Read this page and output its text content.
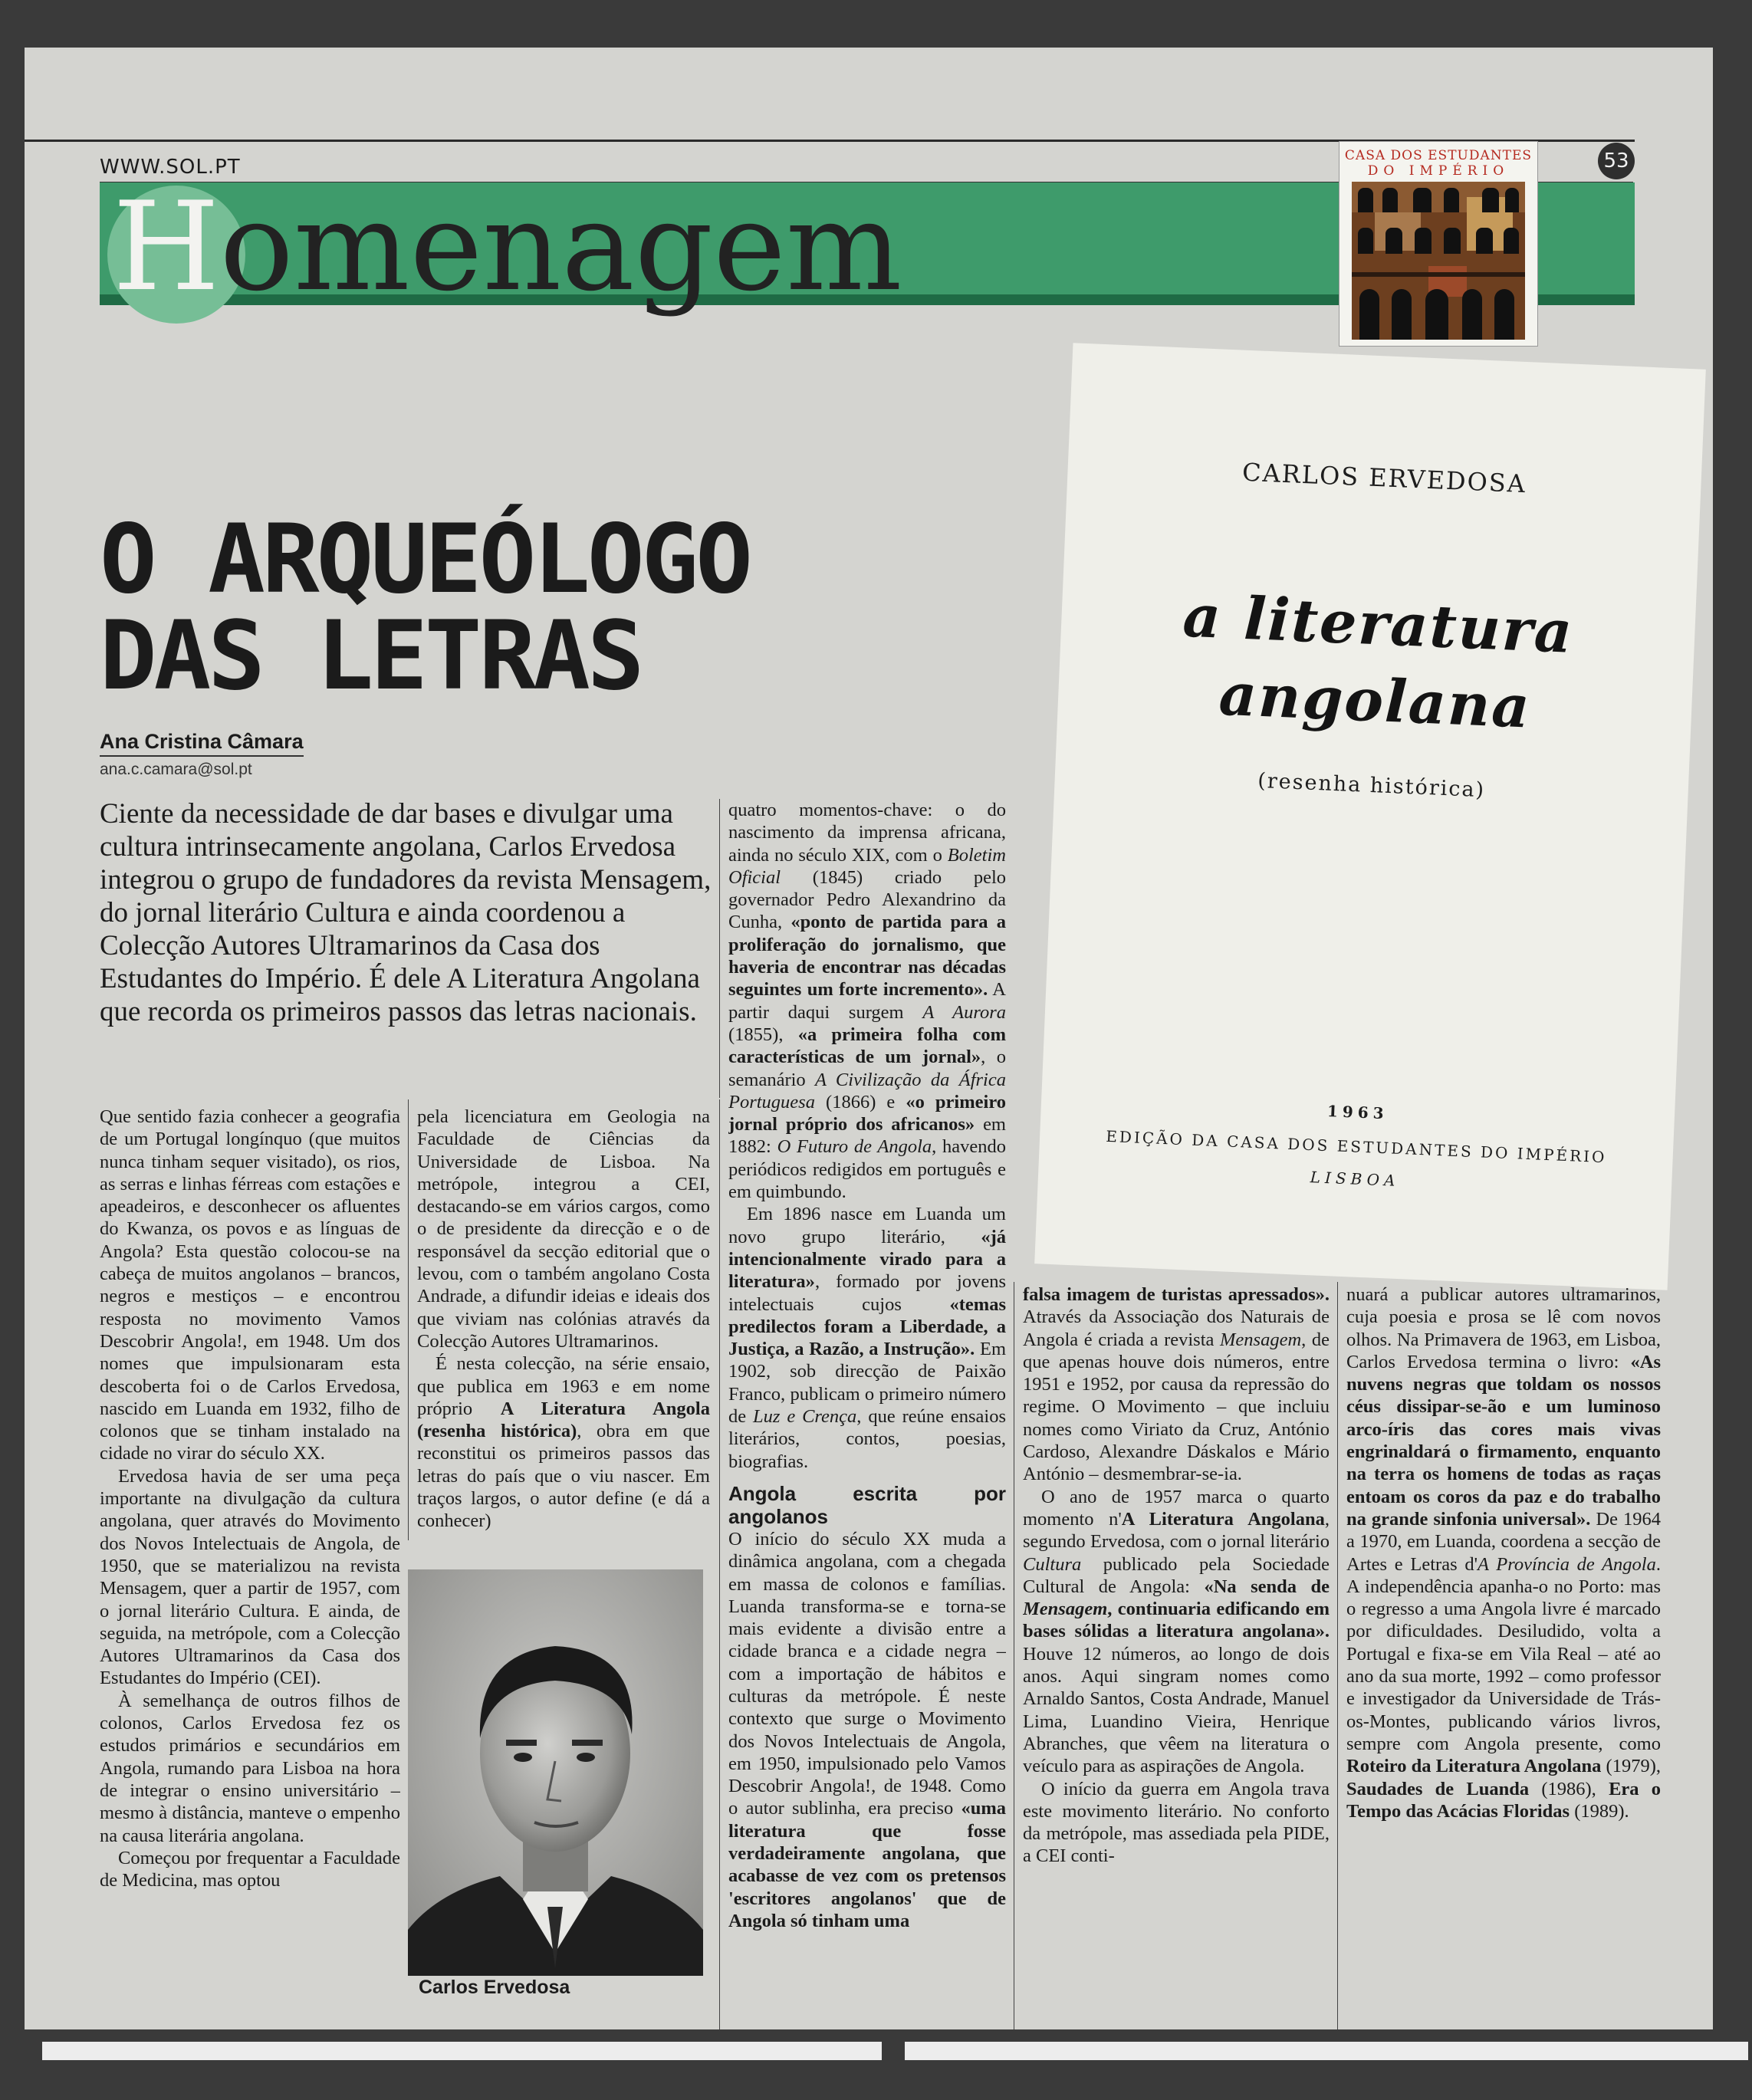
WWW.SOL.PT
Homenagem
53
CASA DOS ESTUDANTES
DO IMPÉRIO
CARLOS ERVEDOSA
a literatura
angolana
(resenha histórica)
1963
EDIÇÃO DA CASA DOS ESTUDANTES DO IMPÉRIO
LISBOA
O ARQUEÓLOGO
DAS LETRAS
Ana Cristina Câmara
ana.c.camara@sol.pt
Ciente da necessidade de dar bases e divulgar uma cultura intrinsecamente angolana, Carlos Ervedosa integrou o grupo de fundadores da revista Mensagem, do jornal literário Cultura e ainda coordenou a Colecção Autores Ultramarinos da Casa dos Estudantes do Império. É dele A Literatura Angolana que recorda os primeiros passos das letras nacionais.

Que sentido fazia conhecer a geografia de um Portugal longínquo (que muitos nunca tinham sequer visitado), os rios, as serras e linhas férreas com estações e apeadeiros, e desconhecer os afluentes do Kwanza, os povos e as línguas de Angola? Esta questão colocou-se na cabeça de muitos angolanos – brancos, negros e mestiços – e encontrou resposta no movimento Vamos Descobrir Angola!, em 1948. Um dos nomes que impulsionaram esta descoberta foi o de Carlos Ervedosa, nascido em Luanda em 1932, filho de colonos que se tinham instalado na cidade no virar do século XX.

Ervedosa havia de ser uma peça importante na divulgação da cultura angolana, quer através do Movimento dos Novos Intelectuais de Angola, de 1950, que se materializou na revista Mensagem, quer a partir de 1957, com o jornal literário Cultura. E ainda, de seguida, na metrópole, com a Colecção Autores Ultramarinos da Casa dos Estudantes do Império (CEI).

À semelhança de outros filhos de colonos, Carlos Ervedosa fez os estudos primários e secundários em Angola, rumando para Lisboa na hora de integrar o ensino universitário – mesmo à distância, manteve o empenho na causa literária angolana.

Começou por frequentar a Faculdade de Medicina, mas optou

pela licenciatura em Geologia na Faculdade de Ciências da Universidade de Lisboa. Na metrópole, integrou a CEI, destacando-se em vários cargos, como o de presidente da direcção e o de responsável da secção editorial que o levou, com o também angolano Costa Andrade, a difundir ideias e ideais dos que viviam nas colónias através da Colecção Autores Ultramarinos.

É nesta colecção, na série ensaio, que publica em 1963 e em nome próprio A Literatura Angola (resenha histórica), obra em que reconstitui os primeiros passos das letras do país que o viu nascer. Em traços largos, o autor define (e dá a conhecer)

Carlos Ervedosa

quatro momentos-chave: o do nascimento da imprensa africana, ainda no século XIX, com o Boletim Oficial (1845) criado pelo governador Pedro Alexandrino da Cunha, «ponto de partida para a proliferação do jornalismo, que haveria de encontrar nas décadas seguintes um forte incremento». A partir daqui surgem A Aurora (1855), «a primeira folha com características de um jornal», o semanário A Civilização da África Portuguesa (1866) e «o primeiro jornal próprio dos africanos» em 1882: O Futuro de Angola, havendo periódicos redigidos em português e em quimbundo.

Em 1896 nasce em Luanda um novo grupo literário, «já intencionalmente virado para a literatura», formado por jovens intelectuais cujos	«temas predilectos foram a Liberdade, a Justiça, a Razão, a Instrução». Em 1902, sob direcção de Paixão Franco, publicam o primeiro número de Luz e Crença, que reúne ensaios literários, contos, poesias, biografias.

Angola escrita por angolanos

O início do século XX muda a dinâmica angolana, com a chegada em massa de colonos e famílias. Luanda transforma-se e torna-se mais evidente a divisão entre a cidade branca e a cidade negra – com a importação de hábitos e culturas da metrópole. É neste contexto que surge o Movimento dos Novos Intelectuais de Angola, em 1950, impulsionado pelo Vamos Descobrir Angola!, de 1948. Como o autor sublinha, era preciso «uma literatura que fosse verdadeiramente angolana, que acabasse de vez com os pretensos 'escritores angolanos' que de Angola só tinham uma

falsa imagem de turistas apressados». Através da Associação dos Naturais de Angola é criada a revista Mensagem, de que apenas houve dois números, entre 1951 e 1952, por causa da repressão do regime. O Movimento – que incluiu nomes como Viriato da Cruz, António Cardoso, Alexandre Dáskalos e Mário António – desmembrar-se-ia.

O ano de 1957 marca o quarto momento n'A Literatura Angolana, segundo Ervedosa, com o jornal literário Cultura publicado pela Sociedade Cultural de Angola: «Na senda de Mensagem, continuaria edificando em bases sólidas a literatura angolana». Houve 12 números, ao longo de dois anos. Aqui singram nomes como Arnaldo Santos, Costa Andrade, Manuel Lima, Luandino Vieira, Henrique Abranches, que vêem na literatura o veículo para as aspirações de Angola.

O início da guerra em Angola trava este movimento literário. No conforto da metrópole, mas assediada pela PIDE, a CEI conti-

nuará a publicar autores ultramarinos, cuja poesia e prosa se lê com novos olhos. Na Primavera de 1963, em Lisboa, Carlos Ervedosa termina o livro: «As nuvens negras que toldam os nossos céus dissipar-se-ão e um luminoso arco-íris das cores mais vivas engrinaldará o firmamento, enquanto na terra os homens de todas as raças entoam os coros da paz e do trabalho na grande sinfonia universal». De 1964 a 1970, em Luanda, coordena a secção de Artes e Letras d'A Província de Angola. A independência apanha-o no Porto: mas o regresso a uma Angola livre é marcado por dificuldades. Desiludido, volta a Portugal e fixa-se em Vila Real – até ao ano da sua morte, 1992 – como professor e investigador da Universidade de Trás-os-Montes, publicando vários livros, sempre com Angola presente, como Roteiro da Literatura Angolana (1979), Saudades de Luanda (1986), Era o Tempo das Acácias Floridas (1989).
